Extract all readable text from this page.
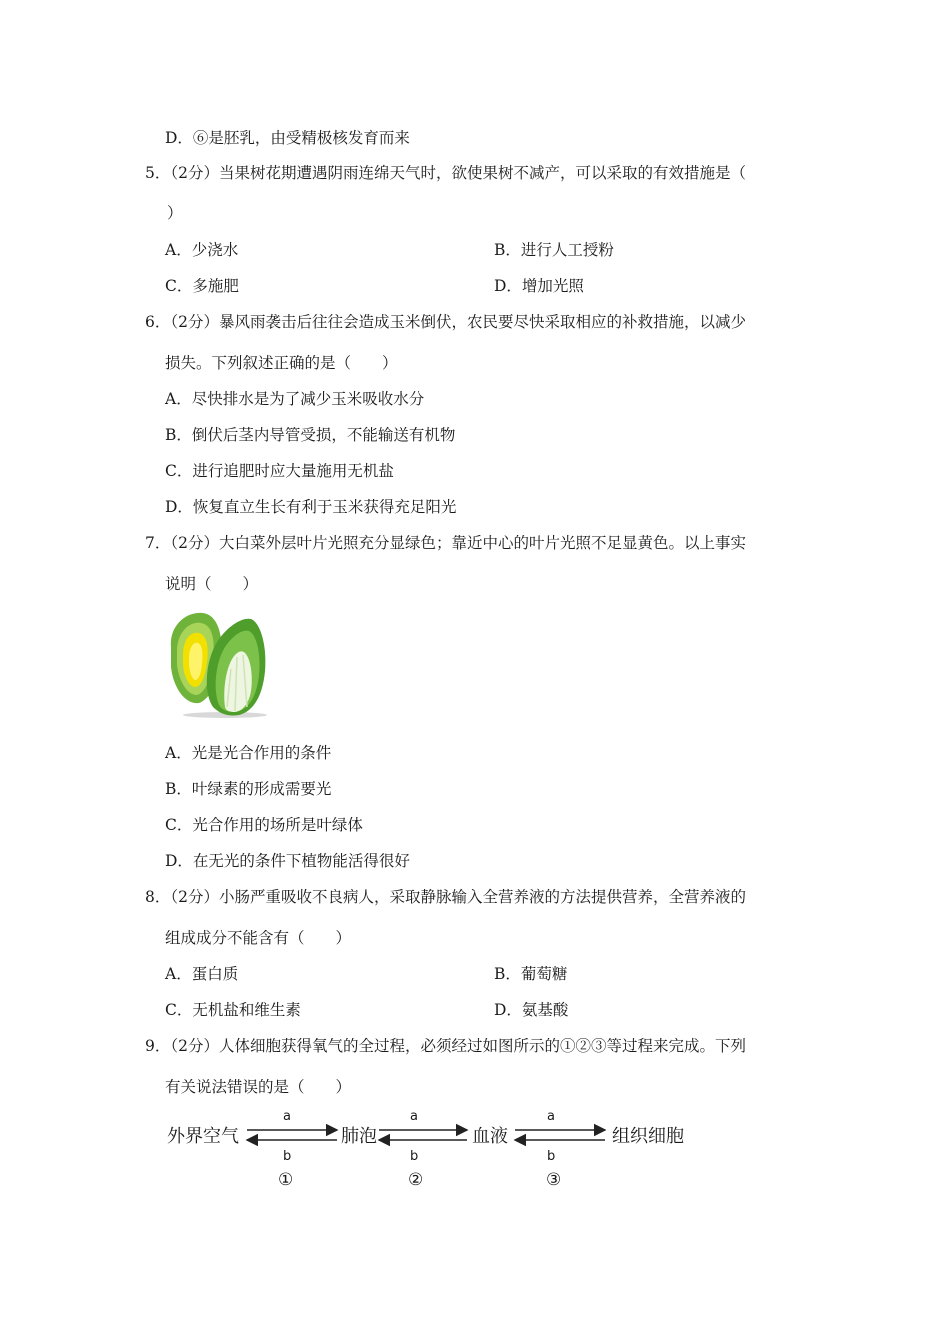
D．⑥是胚乳，由受精极核发育而来
5．（2分）当果树花期遭遇阴雨连绵天气时，欲使果树不减产，可以采取的有效措施是（
）
A．少浇水	B．进行人工授粉
C．多施肥	D．增加光照
6．（2分）暴风雨袭击后往往会造成玉米倒伏，农民要尽快采取相应的补救措施，以减少
损失。下列叙述正确的是（　　）
A．尽快排水是为了减少玉米吸收水分
B．倒伏后茎内导管受损，不能输送有机物
C．进行追肥时应大量施用无机盐
D．恢复直立生长有利于玉米获得充足阳光
7．（2分）大白菜外层叶片光照充分显绿色；靠近中心的叶片光照不足显黄色。以上事实
说明（　　）
A．光是光合作用的条件
B．叶绿素的形成需要光
C．光合作用的场所是叶绿体
D．在无光的条件下植物能活得很好
8．（2分）小肠严重吸收不良病人，采取静脉输入全营养液的方法提供营养，全营养液的
组成成分不能含有（　　）
A．蛋白质	B．葡萄糖
C．无机盐和维生素	D．氨基酸
9．（2分）人体细胞获得氧气的全过程，必须经过如图所示的①②③等过程来完成。下列
有关说法错误的是（　　）
外界空气	肺泡	血液	组织细胞
a
b
a
b
a
b
①	②	③
